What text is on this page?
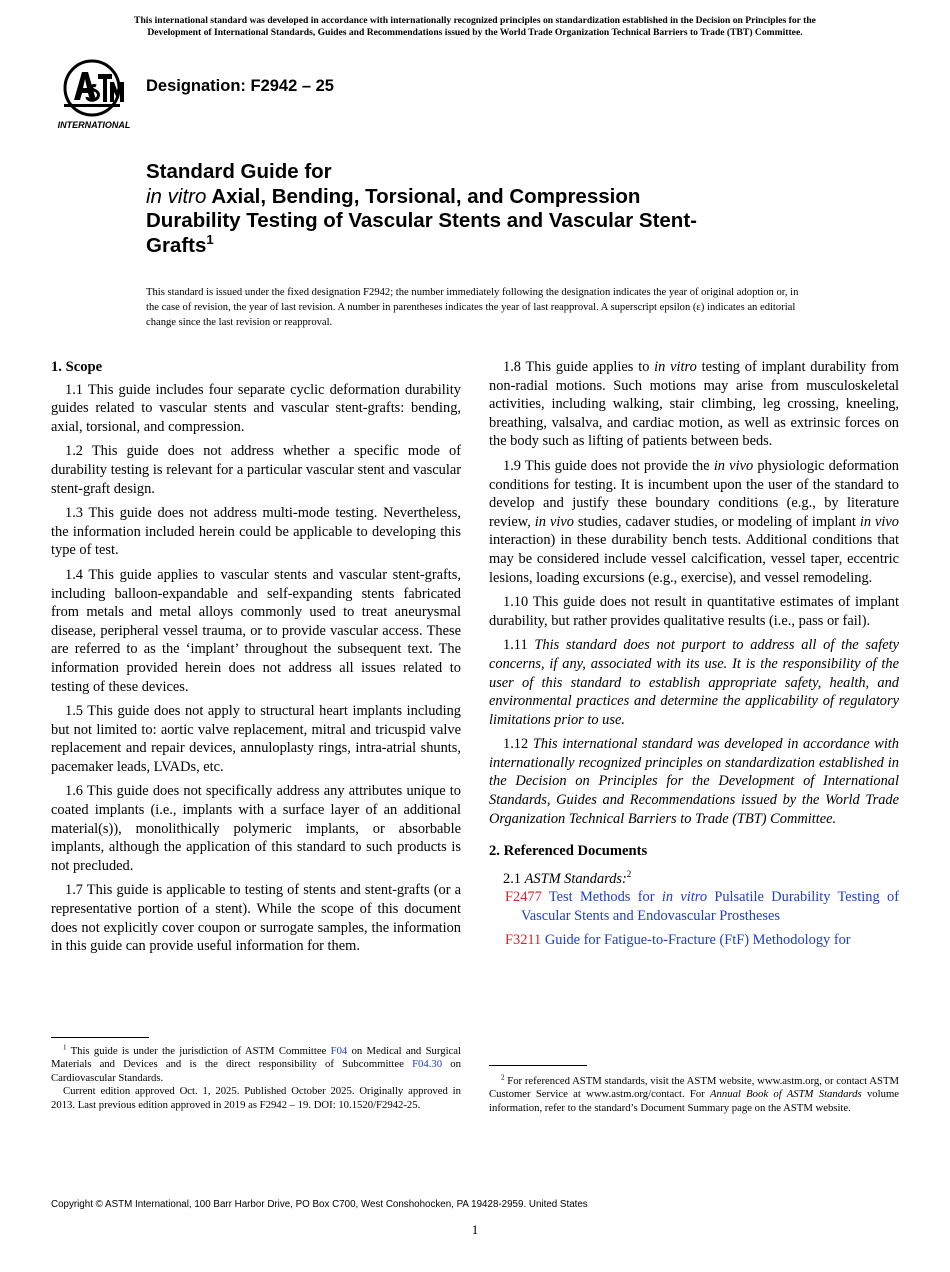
This international standard was developed in accordance with internationally recognized principles on standardization established in the Decision on Principles for the
Development of International Standards, Guides and Recommendations issued by the World Trade Organization Technical Barriers to Trade (TBT) Committee.
INTERNATIONAL
Designation: F2942 – 25
Standard Guide for
in vitro Axial, Bending, Torsional, and Compression
Durability Testing of Vascular Stents and Vascular Stent-
Grafts$^1$
This standard is issued under the fixed designation F2942; the number immediately following the designation indicates the year of original adoption or, in the case of revision, the year of last revision. A number in parentheses indicates the year of last reapproval. A superscript epsilon (ε) indicates an editorial change since the last revision or reapproval.
1. Scope

1.1 This guide includes four separate cyclic deformation durability guides related to vascular stents and vascular stent-grafts: bending, axial, torsional, and compression.

1.2 This guide does not address whether a specific mode of durability testing is relevant for a particular vascular stent and vascular stent-graft design.

1.3 This guide does not address multi-mode testing. Nevertheless, the information included herein could be applicable to developing this type of test.

1.4 This guide applies to vascular stents and vascular stent-grafts, including balloon-expandable and self-expanding stents fabricated from metals and metal alloys commonly used to treat aneurysmal disease, peripheral vessel trauma, or to provide vascular access. These are referred to as the ‘implant’ throughout the subsequent text. The information provided herein does not address all issues related to testing of these devices.

1.5 This guide does not apply to structural heart implants including but not limited to: aortic valve replacement, mitral and tricuspid valve replacement and repair devices, annuloplasty rings, intra-atrial shunts, pacemaker leads, LVADs, etc.

1.6 This guide does not specifically address any attributes unique to coated implants (i.e., implants with a surface layer of an additional material(s)), monolithically polymeric implants, or absorbable implants, although the application of this standard to such products is not precluded.

1.7 This guide is applicable to testing of stents and stent-grafts (or a representative portion of a stent). While the scope of this document does not explicitly cover coupon or surrogate samples, the information in this guide can provide useful information for them.

$^1$ This guide is under the jurisdiction of ASTM Committee F04 on Medical and Surgical Materials and Devices and is the direct responsibility of Subcommittee F04.30 on Cardiovascular Standards.

Current edition approved Oct. 1, 2025. Published October 2025. Originally approved in 2013. Last previous edition approved in 2019 as F2942 – 19. DOI: 10.1520/F2942-25.

1.8 This guide applies to in vitro testing of implant durability from non-radial motions. Such motions may arise from musculoskeletal activities, including walking, stair climbing, leg crossing, kneeling, breathing, valsalva, and cardiac motion, as well as extrinsic forces on the body such as lifting of patients between beds.

1.9 This guide does not provide the in vivo physiologic deformation conditions for testing. It is incumbent upon the user of the standard to develop and justify these boundary conditions (e.g., by literature review, in vivo studies, cadaver studies, or modeling of implant in vivo interaction) in these durability bench tests. Additional conditions that may be considered include vessel calcification, vessel taper, eccentric lesions, loading excursions (e.g., exercise), and vessel remodeling.

1.10 This guide does not result in quantitative estimates of implant durability, but rather provides qualitative results (i.e., pass or fail).

1.11 This standard does not purport to address all of the safety concerns, if any, associated with its use. It is the responsibility of the user of this standard to establish appropriate safety, health, and environmental practices and determine the applicability of regulatory limitations prior to use.

1.12 This international standard was developed in accordance with internationally recognized principles on standardization established in the Decision on Principles for the Development of International Standards, Guides and Recommendations issued by the World Trade Organization Technical Barriers to Trade (TBT) Committee.

2. Referenced Documents

2.1 ASTM Standards:$^2$

F2477 Test Methods for in vitro Pulsatile Durability Testing of Vascular Stents and Endovascular Prostheses

F3211 Guide for Fatigue-to-Fracture (FtF) Methodology for

$^2$ For referenced ASTM standards, visit the ASTM website, www.astm.org, or contact ASTM Customer Service at www.astm.org/contact. For Annual Book of ASTM Standards volume information, refer to the standard’s Document Summary page on the ASTM website.

Copyright © ASTM International, 100 Barr Harbor Drive, PO Box C700, West Conshohocken, PA 19428-2959. United States
1
